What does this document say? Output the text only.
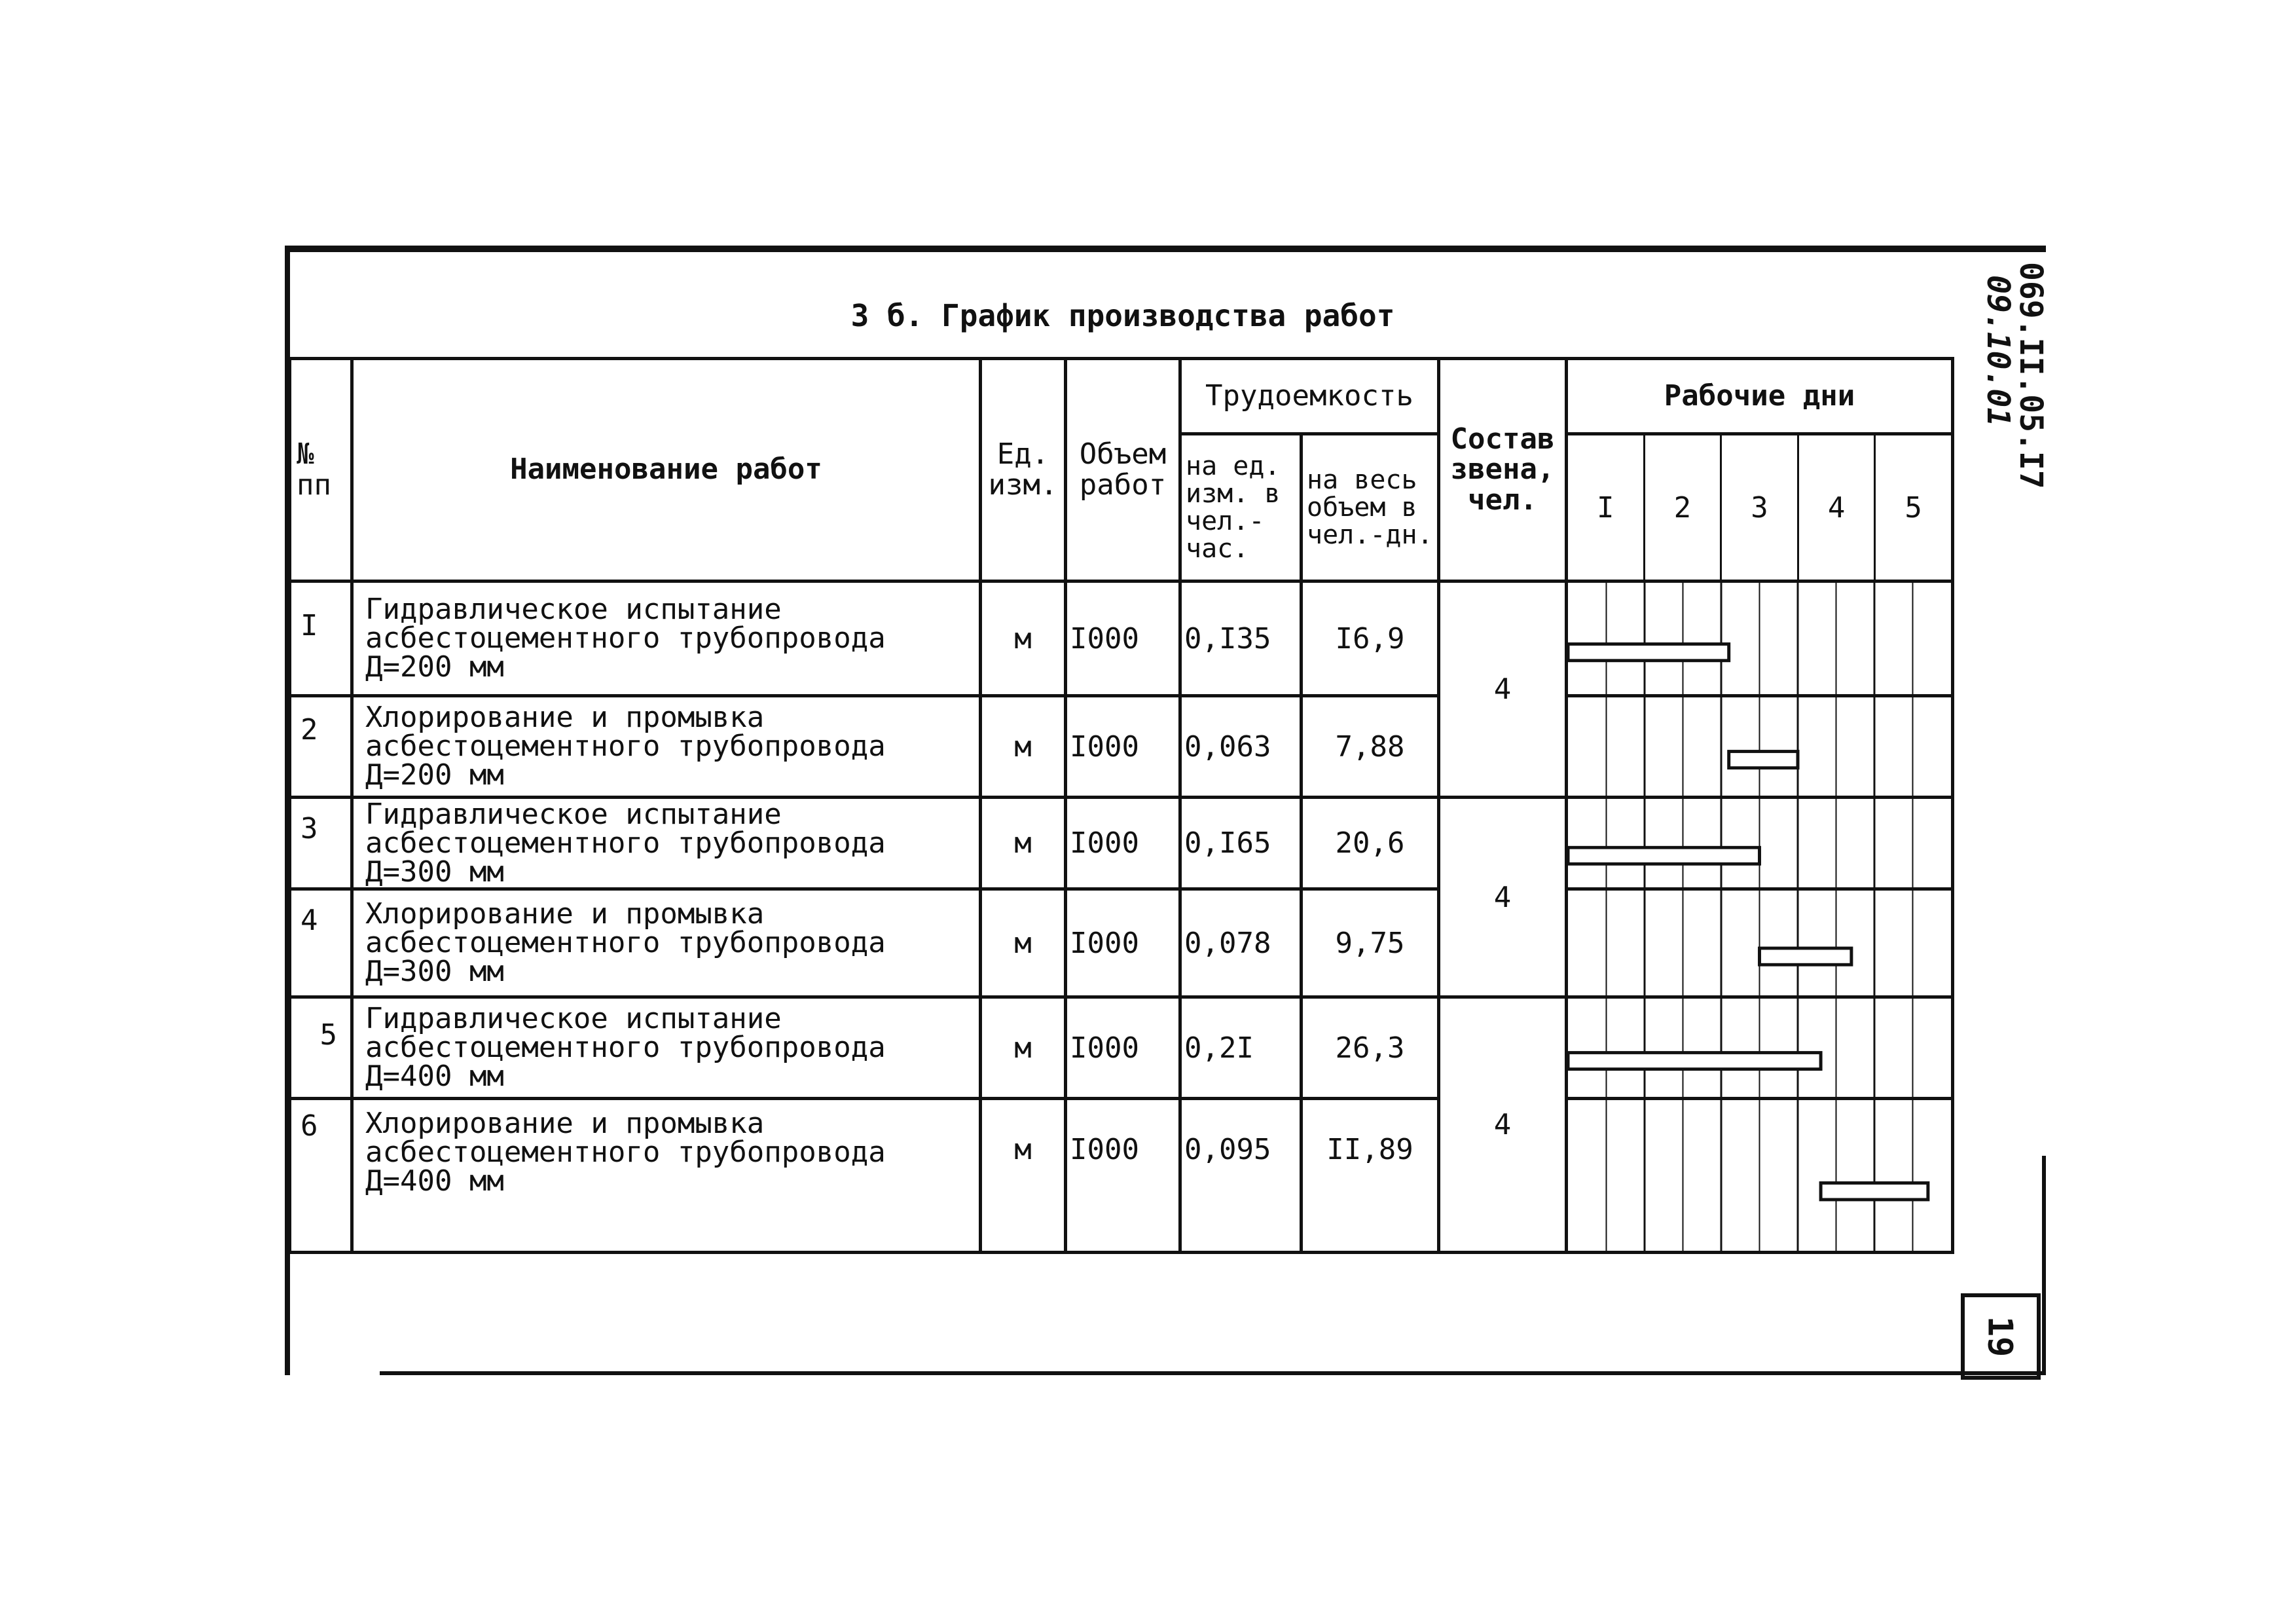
3 б. График производства работ	069.II.05.I7
09.10.01
№ пп	Наименование работ	Ед. изм.	Объем работ	Трудоемкость		Состав звена, чел.	Рабочие дни
				на ед. изм. в чел.-час.	на весь объем в чел.-дн.		I 2 3 4 5

I	Гидравлическое испытание асбестоцементного трубопровода Д=200 мм	м	I000	0,I35	I6,9	4	

2	Хлорирование и промывка асбестоцементного трубопровода Д=200 мм	м	I000	0,063	7,88	

3	Гидравлическое испытание асбестоцементного трубопровода Д=300 мм	м	I000	0,I65	20,6	4	

4	Хлорирование и промывка асбестоцементного трубопровода Д=300 мм	м	I000	0,078	9,75	

5	Гидравлическое испытание асбестоцементного трубопровода Д=400 мм	м	I000	0,2I	26,3	4	

6	Хлорирование и промывка асбестоцементного трубопровода Д=400 мм	м	I000	0,095	II,89	
19
